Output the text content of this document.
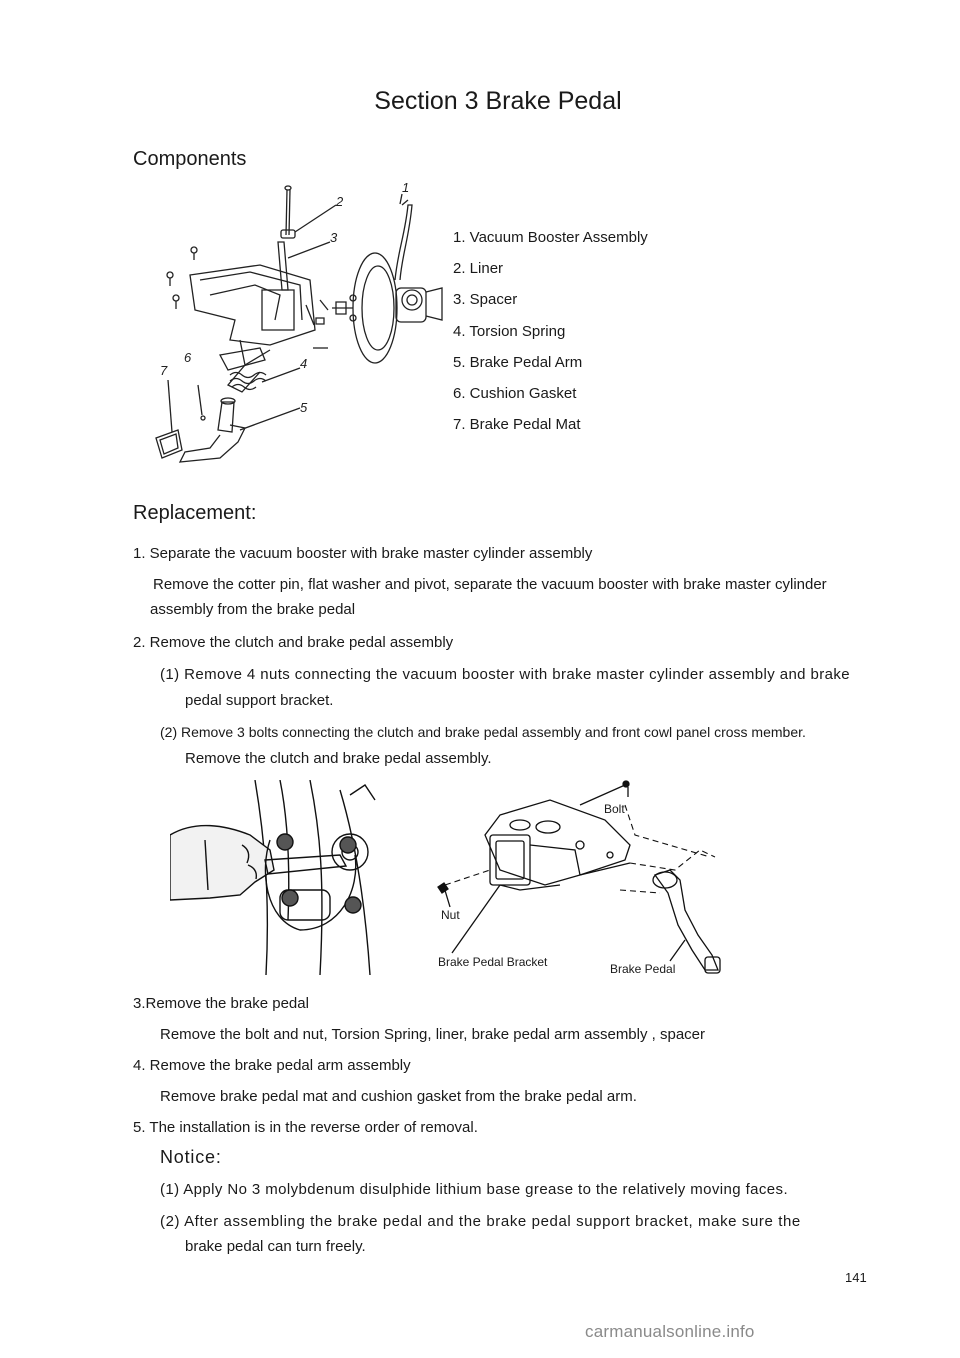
Section 3 Brake Pedal
Components
1
2
3
4
5
6
7
1. Vacuum Booster Assembly
2. Liner
3. Spacer
4. Torsion Spring
5. Brake Pedal Arm
6. Cushion Gasket
7. Brake Pedal Mat
Replacement:
1. Separate the vacuum booster with brake master cylinder assembly
Remove the cotter pin, flat washer and pivot, separate the vacuum booster with brake master cylinder
assembly from the brake pedal
2. Remove the clutch and brake pedal assembly
(1) Remove 4 nuts connecting the vacuum booster with brake master cylinder assembly and brake
pedal support bracket.
(2) Remove 3 bolts connecting the clutch and brake pedal assembly and front cowl panel cross member.
Remove the clutch and brake pedal assembly.
Bolt
Nut
Brake Pedal Bracket	Brake Pedal
3.Remove the brake pedal
Remove the bolt and nut, Torsion Spring, liner, brake pedal arm assembly , spacer
4. Remove the brake pedal arm assembly
Remove brake pedal mat and cushion gasket from the brake pedal arm.
5. The installation is in the reverse order of removal.
Notice:
(1) Apply No 3 molybdenum disulphide lithium base grease to the relatively moving faces.
(2) After assembling the brake pedal and the brake pedal support bracket, make sure the
brake pedal can turn freely.
141
carmanualsonline.info
